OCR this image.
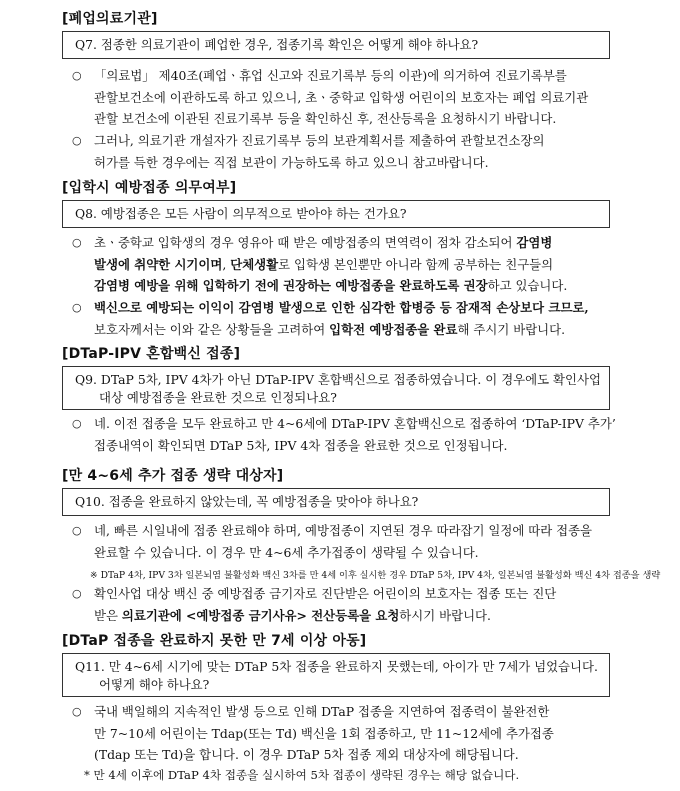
[폐업의료기관]
Q7. 점종한 의료기관이 폐업한 경우, 접종기록 확인은 어떻게 해야 하나요?
○ 「의료법」 제40조(폐업ㆍ휴업 신고와 진료기록부 등의 이관)에 의거하여 진료기록부를
관할보건소에 이관하도록 하고 있으니, 초ㆍ중학교 입학생 어린이의 보호자는 폐업 의료기관
관할 보건소에 이관된 진료기록부 등을 확인하신 후, 전산등록을 요청하시기 바랍니다.
○ 그러나, 의료기관 개설자가 진료기록부 등의 보관계획서를 제출하여 관할보건소장의
허가를 득한 경우에는 직접 보관이 가능하도록 하고 있으니 참고바랍니다.
[입학시 예방접종 의무여부]
Q8. 예방접종은 모든 사람이 의무적으로 받아야 하는 건가요?
○ 초ㆍ중학교 입학생의 경우 영유아 때 받은 예방접종의 면역력이 점차 감소되어 감염병
발생에 취약한 시기이며, 단체생활로 입학생 본인뿐만 아니라 함께 공부하는 친구들의
감염병 예방을 위해 입학하기 전에 권장하는 예방접종을 완료하도록 권장하고 있습니다.
○ 백신으로 예방되는 이익이 감염병 발생으로 인한 심각한 합병증 등 잠재적 손상보다 크므로,
보호자께서는 이와 같은 상황들을 고려하여 입학전 예방접종을 완료해 주시기 바랍니다.
[DTaP-IPV 혼합백신 접종]
Q9. DTaP 5차, IPV 4차가 아닌 DTaP-IPV 혼합백신으로 접종하였습니다. 이 경우에도 확인사업
대상 예방접종을 완료한 것으로 인정되나요?
○ 네. 이전 접종을 모두 완료하고 만 4~6세에 DTaP-IPV 혼합백신으로 접종하여 ‘DTaP-IPV 추가’
접종내역이 확인되면 DTaP 5차, IPV 4차 접종을 완료한 것으로 인정됩니다.
[만 4~6세 추가 접종 생략 대상자]
Q10. 접종을 완료하지 않았는데, 꼭 예방접종을 맞아야 하나요?
○ 네, 빠른 시일내에 접종 완료해야 하며, 예방접종이 지연된 경우 따라잡기 일정에 따라 접종을
완료할 수 있습니다. 이 경우 만 4~6세 추가접종이 생략될 수 있습니다.
※ DTaP 4차, IPV 3차 일본뇌염 불활성화 백신 3차를 만 4세 이후 실시한 경우 DTaP 5차, IPV 4차, 일본뇌염 불활성화 백신 4차 접종을 생략
○ 확인사업 대상 백신 중 예방접종 금기자로 진단받은 어린이의 보호자는 접종 또는 진단
받은 의료기관에 <예방접종 금기사유> 전산등록을 요청하시기 바랍니다.
[DTaP 접종을 완료하지 못한 만 7세 이상 아동]
Q11. 만 4~6세 시기에 맞는 DTaP 5차 접종을 완료하지 못했는데, 아이가 만 7세가 넘었습니다.
어떻게 해야 하나요?
○ 국내 백일해의 지속적인 발생 등으로 인해 DTaP 접종을 지연하여 접종력이 불완전한
만 7~10세 어린이는 Tdap(또는 Td) 백신을 1회 접종하고, 만 11~12세에 추가접종
(Tdap 또는 Td)을 합니다. 이 경우 DTaP 5차 접종 제외 대상자에 해당됩니다.
* 만 4세 이후에 DTaP 4차 접종을 실시하여 5차 접종이 생략된 경우는 해당 없습니다.
